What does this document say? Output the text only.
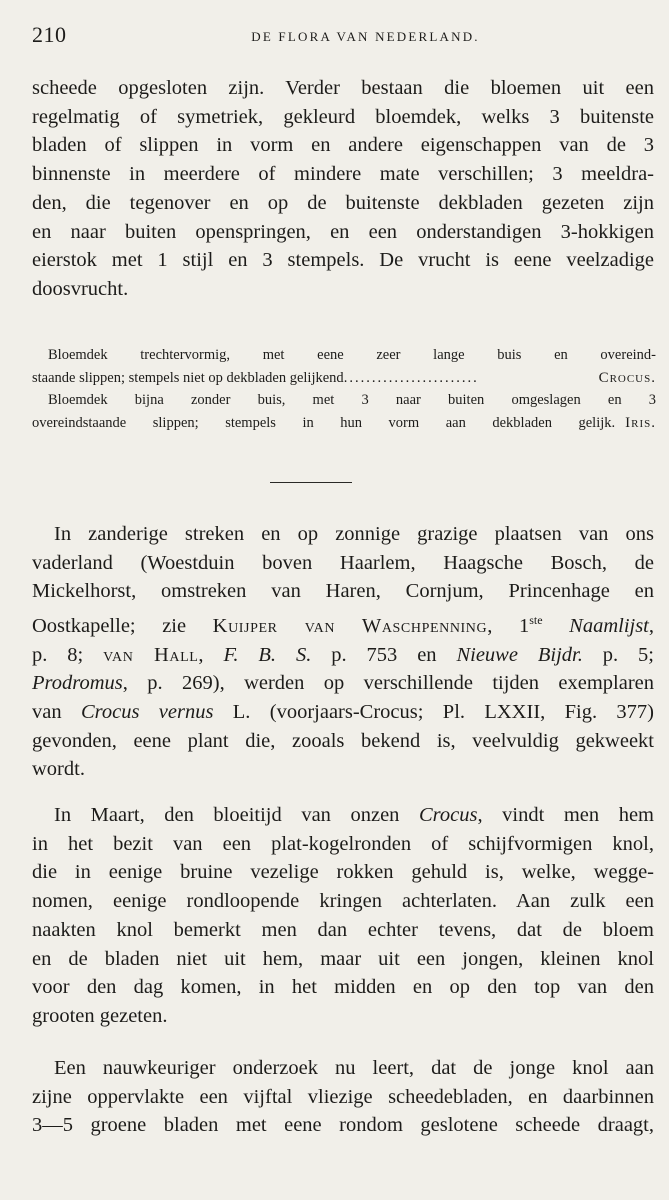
210	DE FLORA VAN NEDERLAND.
scheede opgesloten zijn. Verder bestaan die bloemen uit een
regelmatig of symetriek, gekleurd bloemdek, welks 3 buitenste
bladen of slippen in vorm en andere eigenschappen van de 3
binnenste in meerdere of mindere mate verschillen; 3 meeldra-
den, die tegenover en op de buitenste dekbladen gezeten zijn
en naar buiten openspringen, en een onderstandigen 3-hokkigen
eierstok met 1 stijl en 3 stempels. De vrucht is eene veelzadige
doosvrucht.
Bloemdek trechtervormig, met eene zeer lange buis en overeind-
staande slippen; stempels niet op dekbladen gelijkend ........................	Crocus.
Bloemdek bijna zonder buis, met 3 naar buiten omgeslagen en 3
overeindstaande slippen; stempels in hun vorm aan dekbladen gelijk. Iris.
In zanderige streken en op zonnige grazige plaatsen van ons
vaderland (Woestduin boven Haarlem, Haagsche Bosch, de
Mickelhorst, omstreken van Haren, Cornjum, Princenhage en
Oostkapelle; zie Kuijper van Waschpenning, 1ste Naamlijst,
p. 8; van Hall, F. B. S. p. 753 en Nieuwe Bijdr. p. 5;
Prodromus, p. 269), werden op verschillende tijden exemplaren
van Crocus vernus L. (voorjaars-Crocus; Pl. LXXII, Fig. 377)
gevonden, eene plant die, zooals bekend is, veelvuldig gekweekt
wordt.
In Maart, den bloeitijd van onzen Crocus, vindt men hem
in het bezit van een plat-kogelronden of schijfvormigen knol,
die in eenige bruine vezelige rokken gehuld is, welke, wegge-
nomen, eenige rondloopende kringen achterlaten. Aan zulk een
naakten knol bemerkt men dan echter tevens, dat de bloem
en de bladen niet uit hem, maar uit een jongen, kleinen knol
voor den dag komen, in het midden en op den top van den
grooten gezeten.
Een nauwkeuriger onderzoek nu leert, dat de jonge knol aan
zijne oppervlakte een vijftal vliezige scheedebladen, en daarbinnen
3—5 groene bladen met eene rondom geslotene scheede draagt,
